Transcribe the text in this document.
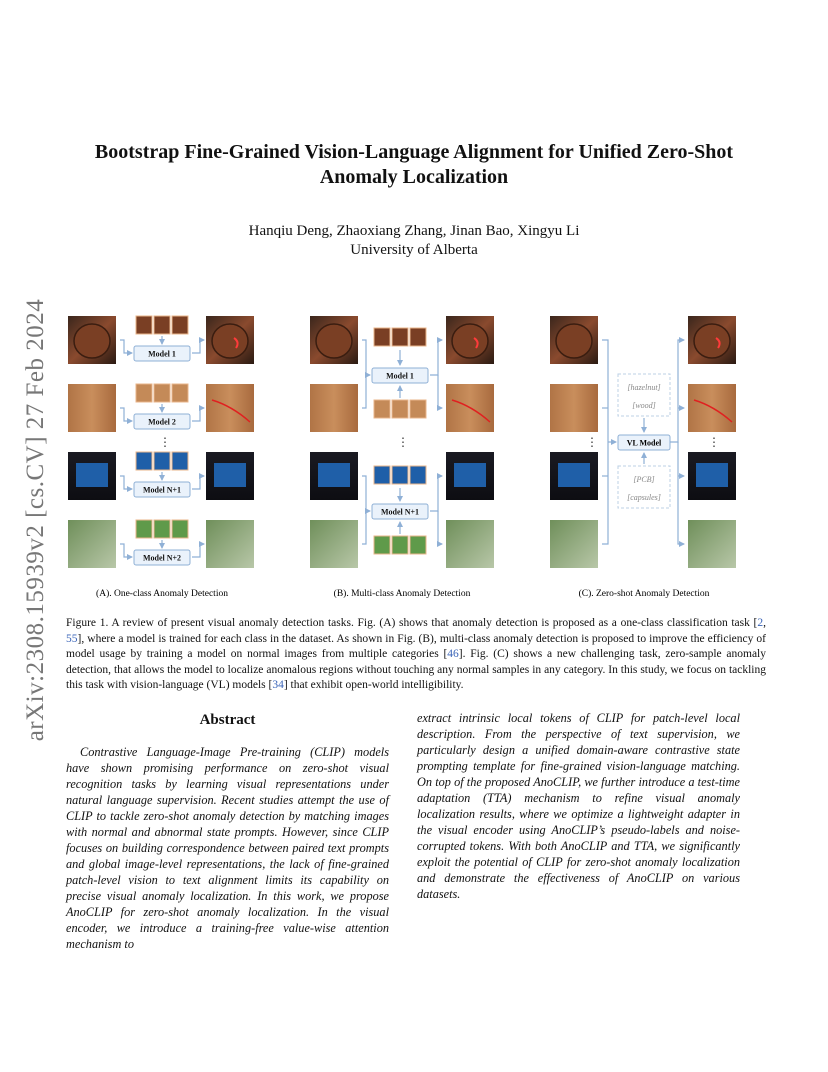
arXiv:2308.15939v2 [cs.CV] 27 Feb 2024
Bootstrap Fine-Grained Vision-Language Alignment for Unified Zero-Shot
Anomaly Localization
Hanqiu Deng, Zhaoxiang Zhang, Jinan Bao, Xingyu Li
University of Alberta
Model 1
Model 2
Model N+1
Model N+2
⋮
(A). One-class Anomaly Detection
Model 1
Model N+1
⋮
(B). Multi-class Anomaly Detection
VL Model
[hazelnut]
[wood]
[PCB]
[capsules]
⋮	⋮
(C). Zero-shot Anomaly Detection

Figure 1. A review of present visual anomaly detection tasks. Fig. (A) shows that anomaly detection is proposed as a one-class classification task [2, 55], where a model is trained for each class in the dataset. As shown in Fig. (B), multi-class anomaly detection is proposed to improve the efficiency of model usage by training a model on normal images from multiple categories [46]. Fig. (C) shows a new challenging task, zero-sample anomaly detection, that allows the model to localize anomalous regions without touching any normal samples in any category. In this study, we focus on tackling this task with vision-language (VL) models [34] that exhibit open-world intelligibility.

Abstract

Contrastive Language-Image Pre-training (CLIP) models have shown promising performance on zero-shot visual recognition tasks by learning visual representations under natural language supervision. Recent studies attempt the use of CLIP to tackle zero-shot anomaly detection by matching images with normal and abnormal state prompts. However, since CLIP focuses on building correspondence between paired text prompts and global image-level representations, the lack of fine-grained patch-level vision to text alignment limits its capability on precise visual anomaly localization. In this work, we propose AnoCLIP for zero-shot anomaly localization. In the visual encoder, we introduce a training-free value-wise attention mechanism to

extract intrinsic local tokens of CLIP for patch-level local description. From the perspective of text supervision, we particularly design a unified domain-aware contrastive state prompting template for fine-grained vision-language matching. On top of the proposed AnoCLIP, we further introduce a test-time adaptation (TTA) mechanism to refine visual anomaly localization results, where we optimize a lightweight adapter in the visual encoder using AnoCLIP’s pseudo-labels and noise-corrupted tokens. With both AnoCLIP and TTA, we significantly exploit the potential of CLIP for zero-shot anomaly localization and demonstrate the effectiveness of AnoCLIP on various datasets.
